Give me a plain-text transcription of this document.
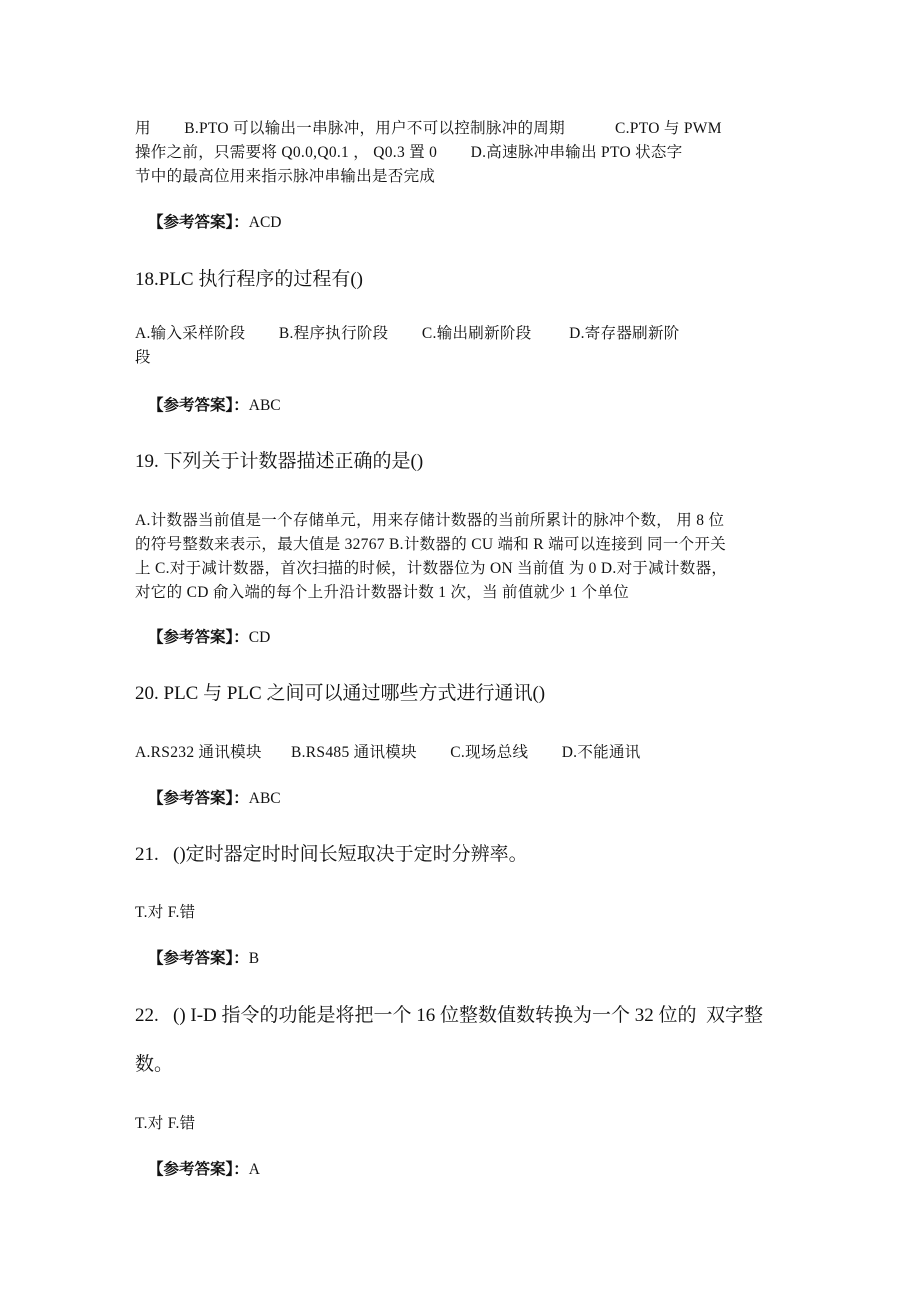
用        B.PTO 可以输出一串脉冲，用户不可以控制脉冲的周期            C.PTO 与 PWM
操作之前，只需要将 Q0.0,Q0.1 ， Q0.3 置 0        D.高速脉冲串输出 PTO 状态字
节中的最高位用来指示脉冲串输出是否完成
【参考答案】：ACD
18.PLC 执行程序的过程有()
A.输入采样阶段        B.程序执行阶段        C.输出刷新阶段         D.寄存器刷新阶
段
【参考答案】：ABC
19. 下列关于计数器描述正确的是()
A.计数器当前值是一个存储单元，用来存储计数器的当前所累计的脉冲个数， 用 8 位
的符号整数来表示，最大值是 32767 B.计数器的 CU 端和 R 端可以连接到 同一个开关
上 C.对于减计数器，首次扫描的时候，计数器位为 ON 当前值 为 0 D.对于减计数器，
对它的 CD 俞入端的每个上升沿计数器计数 1 次，当 前值就少 1 个单位
【参考答案】：CD
20. PLC 与 PLC 之间可以通过哪些方式进行通讯()
A.RS232 通讯模块       B.RS485 通讯模块        C.现场总线        D.不能通讯
【参考答案】：ABC
21.   ()定时器定时时间长短取决于定时分辨率。
T.对 F.错
【参考答案】：B
22.   () I-D 指令的功能是将把一个 16 位整数值数转换为一个 32 位的  双字整
数。
T.对 F.错
【参考答案】：A
